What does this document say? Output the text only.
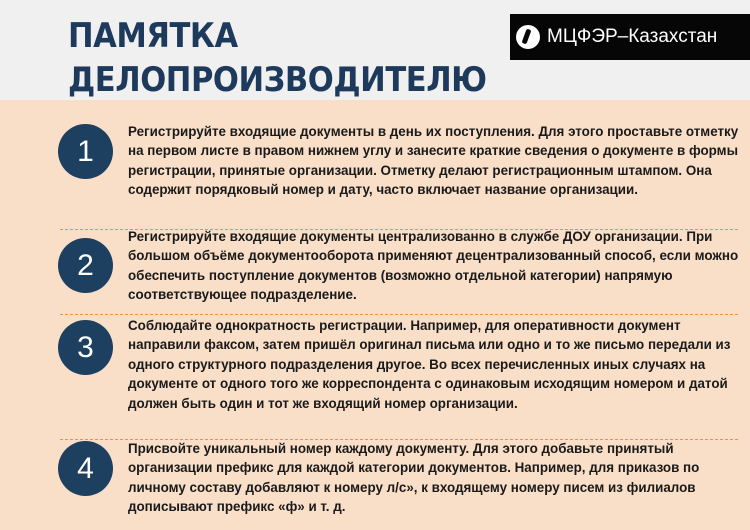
ПАМЯТКА
ДЕЛОПРОИЗВОДИТЕЛЮ
МЦФЭР–Казахстан
1

Регистрируйте входящие документы в день их поступления. Для этого проставьте отметку на первом листе в правом нижнем углу и занесите краткие сведения о документе в формы регистрации, принятые организации. Отметку делают регистрационным штампом. Она содержит порядковый номер и дату, часто включает название организации.

2

Регистрируйте входящие документы централизованно в службе ДОУ организации. При большом объёме документооборота применяют децентрализованный способ, если можно обеспечить поступление документов (возможно отдельной категории) напрямую соответствующее подразделение.

3

Соблюдайте однократность регистрации. Например, для оперативности документ направили факсом, затем пришёл оригинал письма или одно и то же письмо передали из одного структурного подразделения другое. Во всех перечисленных иных случаях на документе от одного того же корреспондента с одинаковым исходящим номером и датой должен быть один и тот же входящий номер организации.

4

Присвойте уникальный номер каждому документу. Для этого добавьте принятый организации префикс для каждой категории документов. Например, для приказов по личному составу добавляют к номеру л/с», к входящему номеру писем из филиалов дописывают префикс «ф» и т. д.
